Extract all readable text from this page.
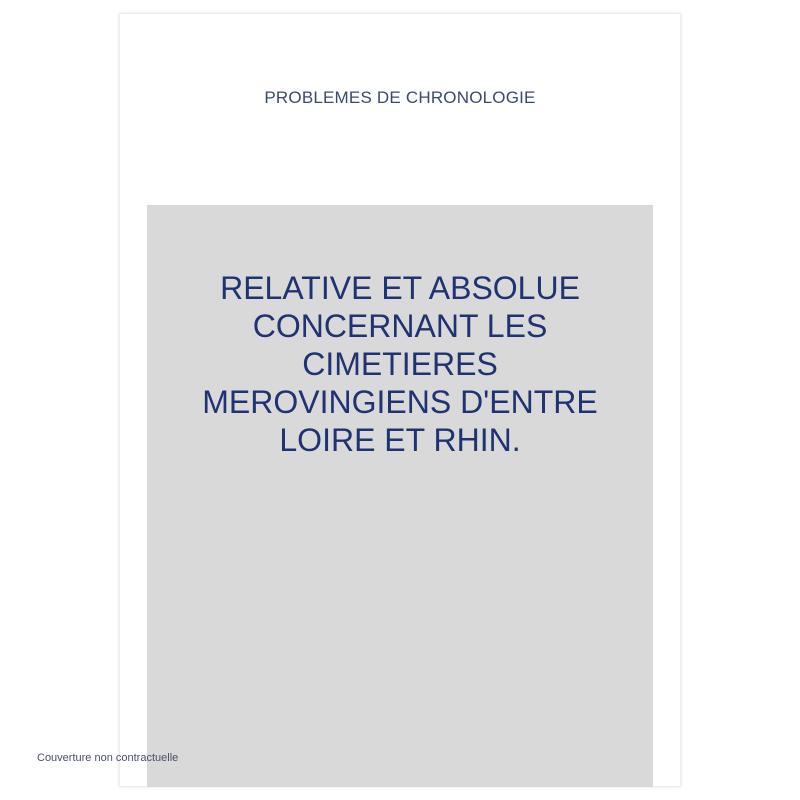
PROBLEMES DE CHRONOLOGIE
RELATIVE ET ABSOLUE
CONCERNANT LES
CIMETIERES
MEROVINGIENS D'ENTRE
LOIRE ET RHIN.
Couverture non contractuelle
